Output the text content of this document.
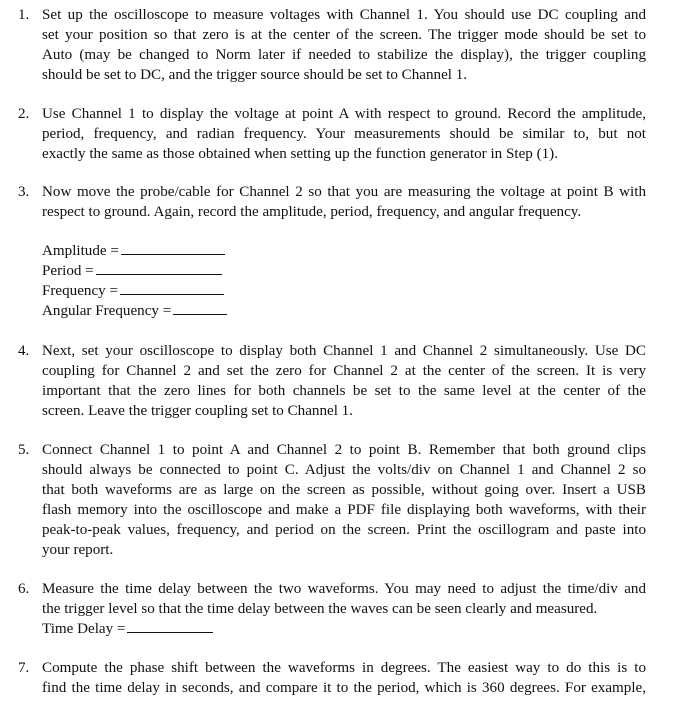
1. Set up the oscilloscope to measure voltages with Channel 1. You should use DC coupling and
set your position so that zero is at the center of the screen. The trigger mode should be set to
Auto (may be changed to Norm later if needed to stabilize the display), the trigger coupling
should be set to DC, and the trigger source should be set to Channel 1.
2. Use Channel 1 to display the voltage at point A with respect to ground. Record the amplitude,
period, frequency, and radian frequency. Your measurements should be similar to, but not
exactly the same as those obtained when setting up the function generator in Step (1).
3. Now move the probe/cable for Channel 2 so that you are measuring the voltage at point B with
respect to ground. Again, record the amplitude, period, frequency, and angular frequency.
Amplitude =
Period =
Frequency =
Angular Frequency =
4. Next, set your oscilloscope to display both Channel 1 and Channel 2 simultaneously. Use DC
coupling for Channel 2 and set the zero for Channel 2 at the center of the screen. It is very
important that the zero lines for both channels be set to the same level at the center of the
screen. Leave the trigger coupling set to Channel 1.
5. Connect Channel 1 to point A and Channel 2 to point B. Remember that both ground clips
should always be connected to point C. Adjust the volts/div on Channel 1 and Channel 2 so
that both waveforms are as large on the screen as possible, without going over. Insert a USB
flash memory into the oscilloscope and make a PDF file displaying both waveforms, with their
peak-to-peak values, frequency, and period on the screen. Print the oscillogram and paste into
your report.
6. Measure the time delay between the two waveforms. You may need to adjust the time/div and
the trigger level so that the time delay between the waves can be seen clearly and measured.
Time Delay =
7. Compute the phase shift between the waveforms in degrees. The easiest way to do this is to
find the time delay in seconds, and compare it to the period, which is 360 degrees. For example,
